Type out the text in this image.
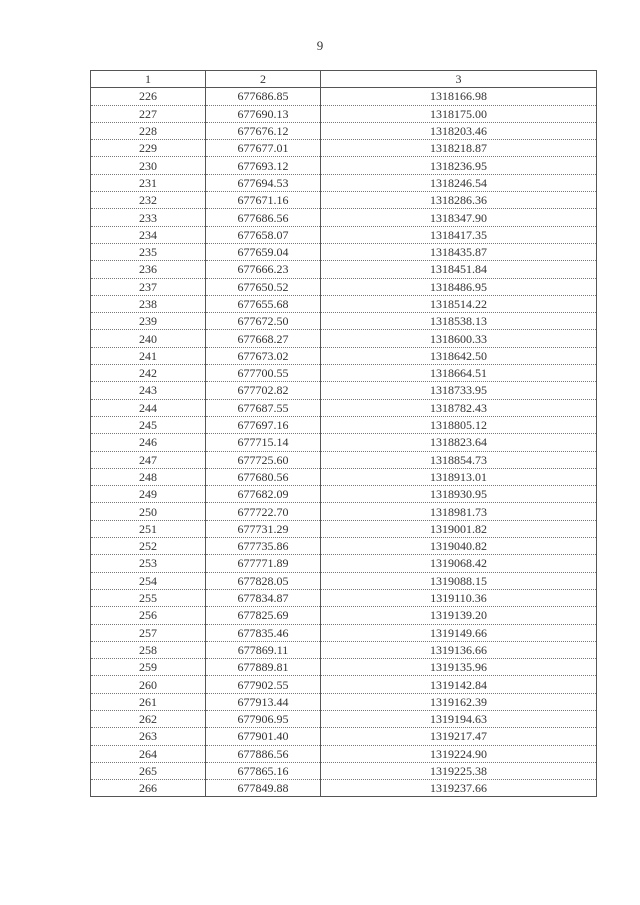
9
1	2	3
226	677686.85	1318166.98
227	677690.13	1318175.00
228	677676.12	1318203.46
229	677677.01	1318218.87
230	677693.12	1318236.95
231	677694.53	1318246.54
232	677671.16	1318286.36
233	677686.56	1318347.90
234	677658.07	1318417.35
235	677659.04	1318435.87
236	677666.23	1318451.84
237	677650.52	1318486.95
238	677655.68	1318514.22
239	677672.50	1318538.13
240	677668.27	1318600.33
241	677673.02	1318642.50
242	677700.55	1318664.51
243	677702.82	1318733.95
244	677687.55	1318782.43
245	677697.16	1318805.12
246	677715.14	1318823.64
247	677725.60	1318854.73
248	677680.56	1318913.01
249	677682.09	1318930.95
250	677722.70	1318981.73
251	677731.29	1319001.82
252	677735.86	1319040.82
253	677771.89	1319068.42
254	677828.05	1319088.15
255	677834.87	1319110.36
256	677825.69	1319139.20
257	677835.46	1319149.66
258	677869.11	1319136.66
259	677889.81	1319135.96
260	677902.55	1319142.84
261	677913.44	1319162.39
262	677906.95	1319194.63
263	677901.40	1319217.47
264	677886.56	1319224.90
265	677865.16	1319225.38
266	677849.88	1319237.66
